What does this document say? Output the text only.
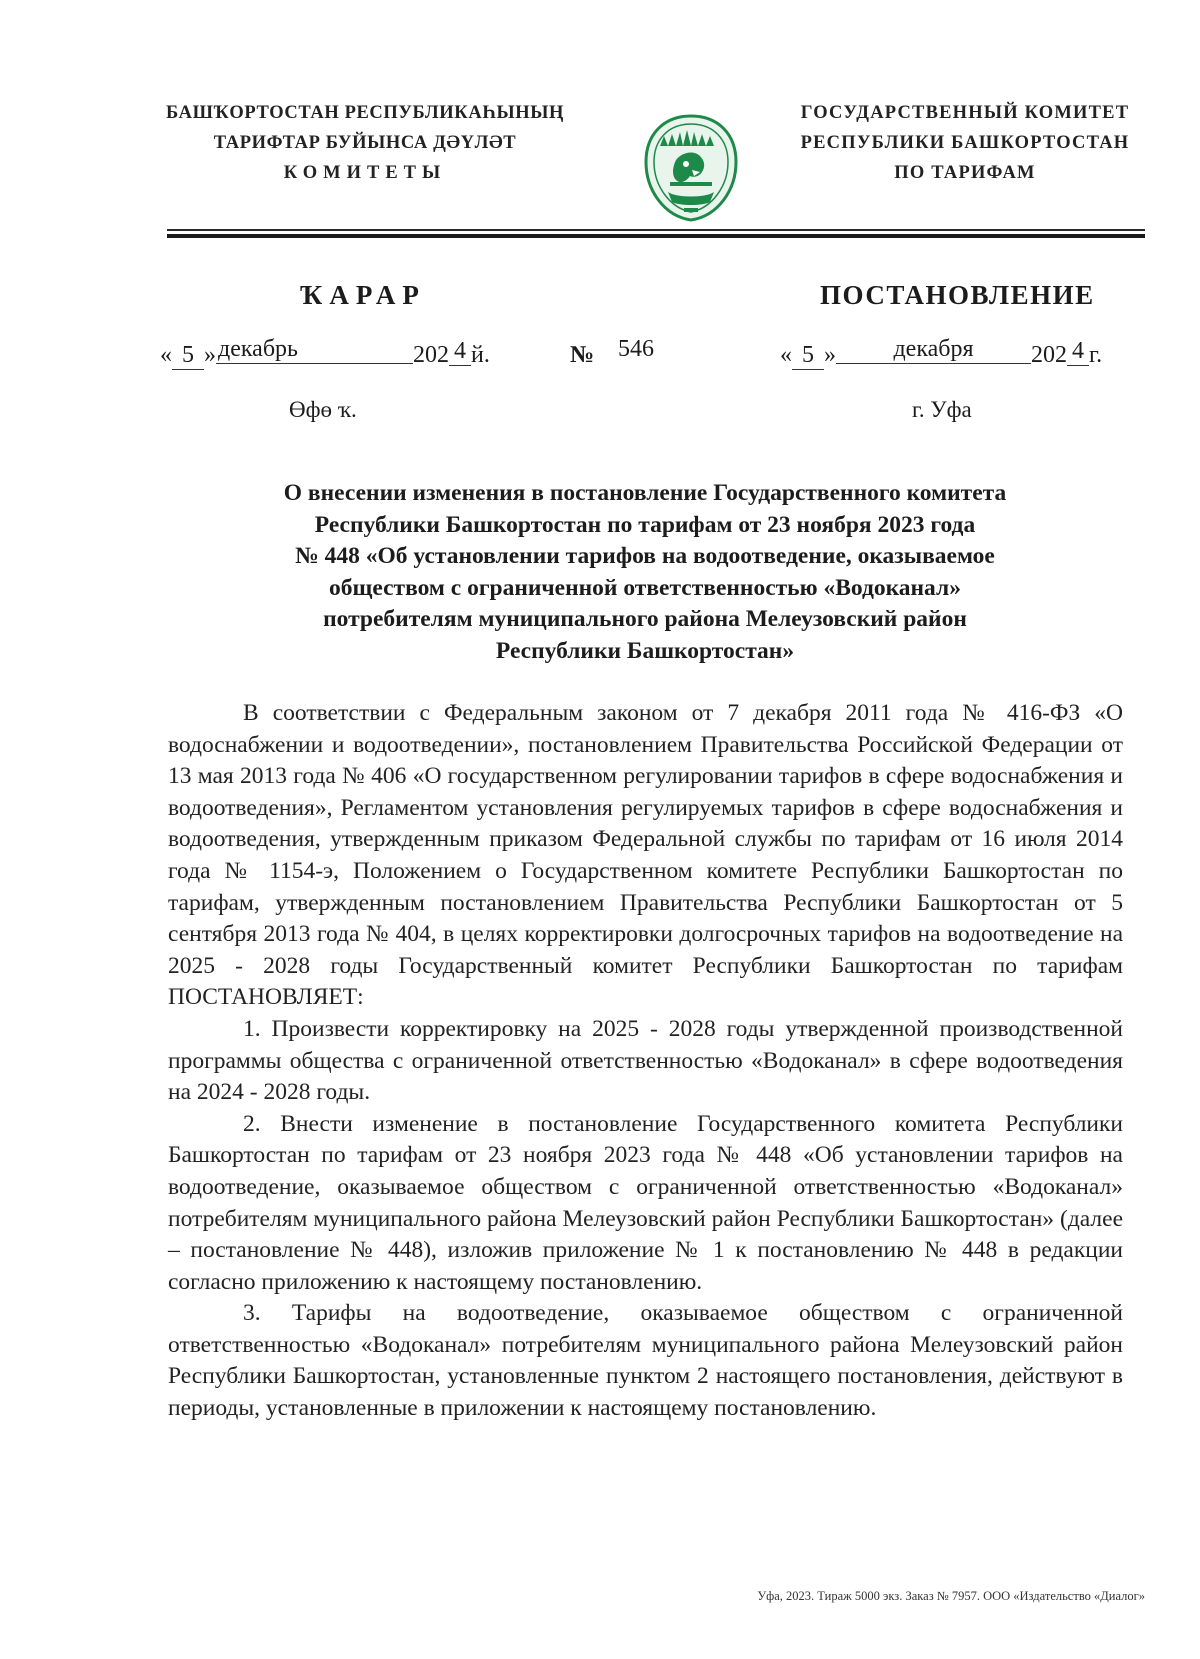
БАШҠОРТОСТАН РЕСПУБЛИКАҺЫНЫҢ
ТАРИФТАР БУЙЫНСА ДӘҮЛӘТ
КОМИТЕТЫ
ГОСУДАРСТВЕННЫЙ КОМИТЕТ
РЕСПУБЛИКИ БАШКОРТОСТАН
ПО ТАРИФАМ
ҠАРАР	ПОСТАНОВЛЕНИЕ
« 5 »декабрь	202 4 й.	№ 546	« 5 » декабря 202 4 г.
Өфө ҡ.	г. Уфа
О внесении изменения в постановление Государственного комитета
Республики Башкортостан по тарифам от 23 ноября 2023 года
№ 448 «Об установлении тарифов на водоотведение, оказываемое
обществом с ограниченной ответственностью «Водоканал»
потребителям муниципального района Мелеузовский район
Республики Башкортостан»

В соответствии с Федеральным законом от 7 декабря 2011 года № 416-ФЗ «О водоснабжении и водоотведении», постановлением Правительства Российской Федерации от 13 мая 2013 года № 406 «О государственном регулировании тарифов в сфере водоснабжения и водоотведения», Регламентом установления регулируемых тарифов в сфере водоснабжения и водоотведения, утвержденным приказом Федеральной службы по тарифам от 16 июля 2014 года № 1154-э, Положением о Государственном комитете Республики Башкортостан по тарифам, утвержденным постановлением Правительства Республики Башкортостан от 5 сентября 2013 года № 404, в целях корректировки долгосрочных тарифов на водоотведение на 2025 - 2028 годы Государственный комитет Республики Башкортостан по тарифам ПОСТАНОВЛЯЕТ:

1. Произвести корректировку на 2025 - 2028 годы утвержденной производственной программы общества с ограниченной ответственностью «Водоканал» в сфере водоотведения на 2024 - 2028 годы.

2. Внести изменение в постановление Государственного комитета Республики Башкортостан по тарифам от 23 ноября 2023 года № 448 «Об установлении тарифов на водоотведение, оказываемое обществом с ограниченной ответственностью «Водоканал» потребителям муниципального района Мелеузовский район Республики Башкортостан» (далее – постановление № 448), изложив приложение № 1 к постановлению № 448 в редакции согласно приложению к настоящему постановлению.

3. Тарифы на водоотведение, оказываемое обществом с ограниченной ответственностью «Водоканал» потребителям муниципального района Мелеузовский район Республики Башкортостан, установленные пунктом 2 настоящего постановления, действуют в периоды, установленные в приложении к настоящему постановлению.

Уфа, 2023. Тираж 5000 экз. Заказ № 7957. ООО «Издательство «Диалог»
